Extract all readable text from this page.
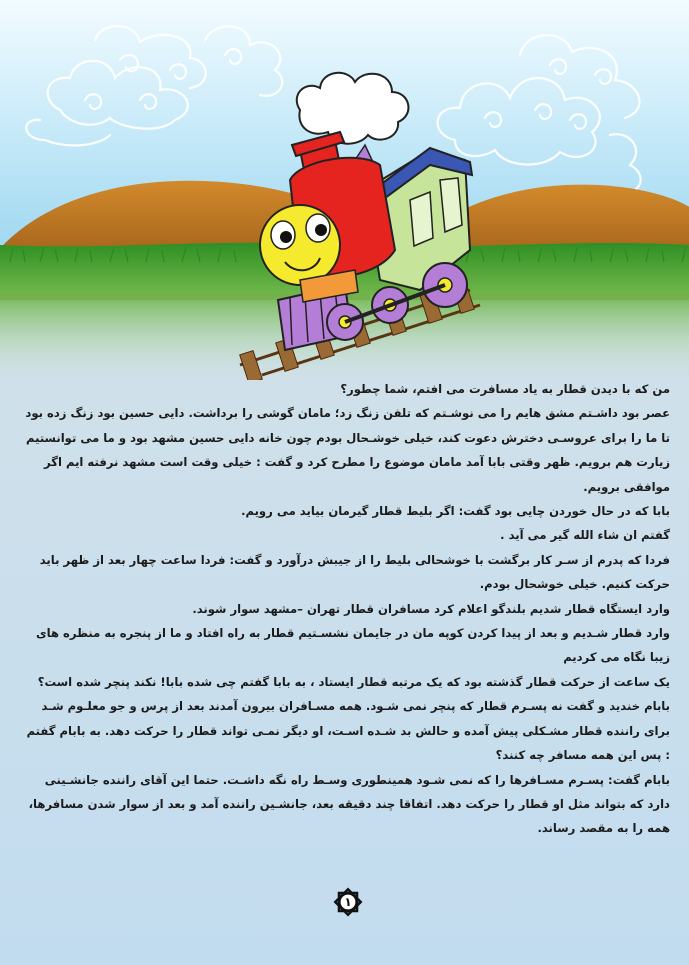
من که با دیدن قطار به یاد مسافرت می افتم، شما چطور؟

عصر بود داشـتم مشق هایم را می نوشـتم که تلفن زنگ زد؛ مامان گوشی را برداشت. دایی حسین بود زنگ زده بود تا ما را برای عروسـی دخترش دعوت کند، خیلی خوشـحال بودم چون خانه دایی حسین مشهد بود و ما می توانستیم زیارت هم برویم. ظهر وقتی بابا آمد مامان موضوع را مطرح کرد و گفت : خیلی وقت است مشهد نرفته ایم اگر موافقی برویم.

بابا که در حال خوردن چایی بود گفت: اگر بلیط قطار گیرمان بیاید می رویم.

گفتم ان شاء الله گیر می آید .

فردا که پدرم از سـر کار برگشت با خوشحالی بلیط را از جیبش درآورد و گفت: فردا ساعت چهار بعد از ظهر باید حرکت کنیم. خیلی خوشحال بودم.

وارد ایستگاه قطار شدیم بلندگو اعلام کرد مسافران قطار تهران –مشهد سوار شوند.

وارد قطار شـدیم و بعد از پیدا کردن کوپه مان در جایمان نشسـتیم قطار به راه افتاد و ما از پنجره به منظره های زیبا نگاه می کردیم

یک ساعت از حرکت قطار گذشته بود که یک مرتبه قطار ایستاد ، به بابا گفتم چی شده بابا! نکند پنچر شده است؟

بابام خندید و گفت نه پسـرم قطار که پنچر نمی شـود. همه مسـافران بیرون آمدند بعد از پرس و جو معلـوم شـد برای راننده قطار مشـکلی پیش آمده و حالش بد شـده اسـت، او دیگر نمـی تواند قطار را حرکت دهد. به بابام گفتم : پس این همه مسافر چه کنند؟

بابام گفت: پسـرم مسـافرها را که نمی شـود همینطوری وسـط راه نگه داشـت. حتما این آقای راننده جانشـینی دارد که بتواند مثل او قطار را حرکت دهد. اتفاقا چند دقیقه بعد، جانشـین راننده آمد و بعد از سوار شدن مسافرها، همه را به مقصد رساند.

۱
